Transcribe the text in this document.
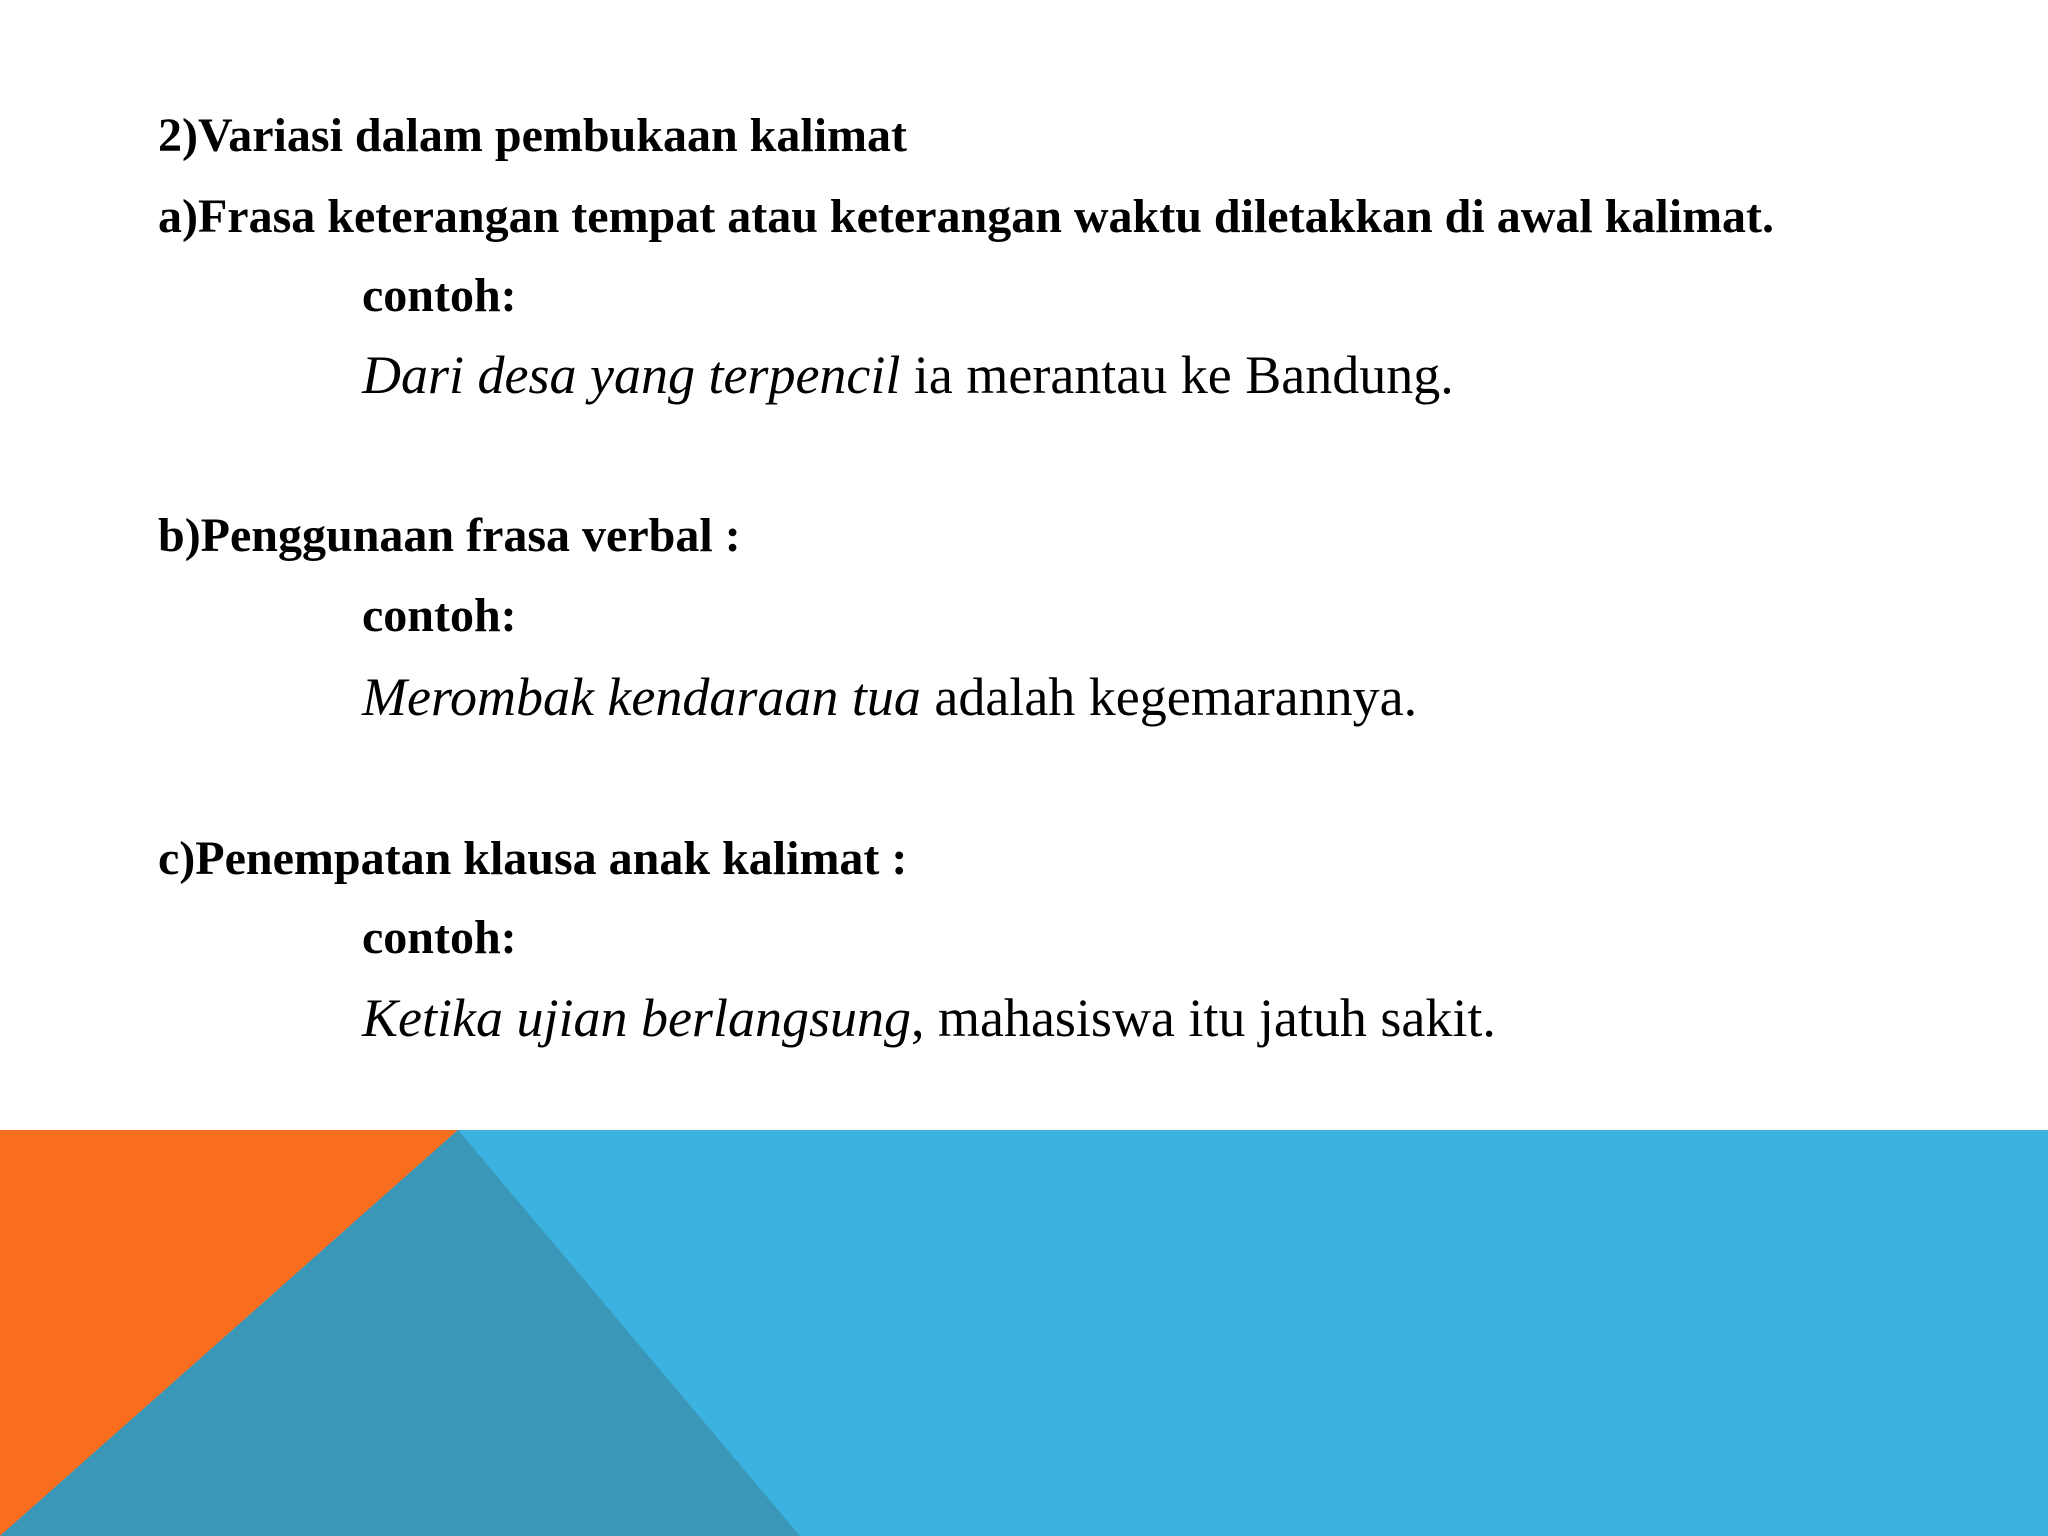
2)Variasi dalam pembukaan kalimat
a)Frasa keterangan tempat atau keterangan waktu diletakkan di awal kalimat.
contoh:
Dari desa yang terpencil ia merantau ke Bandung.
b)Penggunaan frasa verbal :
contoh:
Merombak kendaraan tua adalah kegemarannya.
c)Penempatan klausa anak kalimat :
contoh:
Ketika ujian berlangsung, mahasiswa itu jatuh sakit.
